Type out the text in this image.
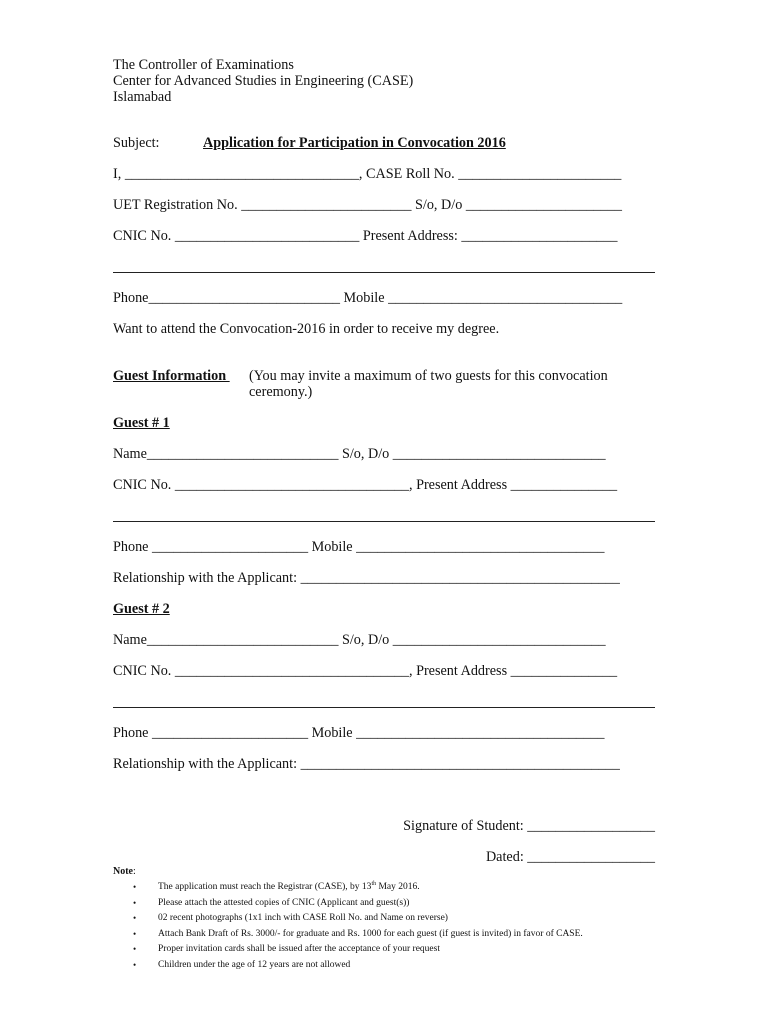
The Controller of Examinations
Center for Advanced Studies in Engineering (CASE)
Islamabad
Subject:	Application for Participation in Convocation 2016
I, _________________________________, CASE Roll No. _______________________
UET Registration No. ________________________ S/o, D/o ______________________
CNIC No. __________________________ Present Address: ______________________
Phone___________________________ Mobile _________________________________
Want to attend the Convocation-2016 in order to receive my degree.
Guest Information (You may invite a maximum of two guests for this convocation
ceremony.)
Guest # 1
Name___________________________ S/o, D/o ______________________________
CNIC No. _________________________________, Present Address _______________
Phone ______________________ Mobile ___________________________________
Relationship with the Applicant: _____________________________________________
Guest # 2
Name___________________________ S/o, D/o ______________________________
CNIC No. _________________________________, Present Address _______________
Phone ______________________ Mobile ___________________________________
Relationship with the Applicant: _____________________________________________
Signature of Student: __________________
Dated: __________________
Note:
• The application must reach the Registrar (CASE), by 13th May 2016.
• Please attach the attested copies of CNIC (Applicant and guest(s))
• 02 recent photographs (1x1 inch with CASE Roll No. and Name on reverse)
• Attach Bank Draft of Rs. 3000/- for graduate and Rs. 1000 for each guest (if guest is invited) in favor of CASE.
• Proper invitation cards shall be issued after the acceptance of your request
• Children under the age of 12 years are not allowed
